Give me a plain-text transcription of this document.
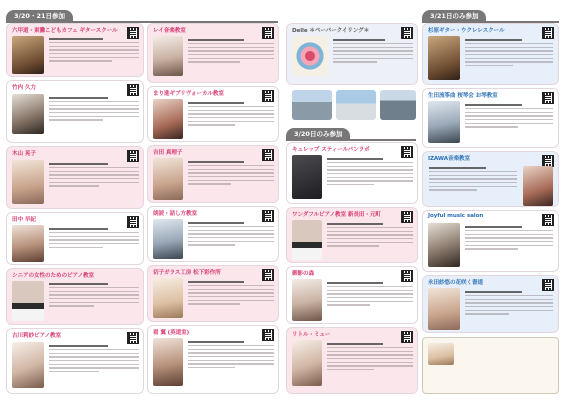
3/20・21日参加	3/21日のみ参加
3/20日のみ参加
六甲道・東灘こどもカフェ ギタースクール
竹内 久力
木山 晃子
田中 早紀
シニアの女性のためのピアノ教室
古川莉紗ピアノ教室
レイ音楽教室
まり進ギプリヴォーカル教室
吉田 真理子
朗読・話し方教室
切子ガラス工房 松下彩作所
看 翼 (英道室)
Delle ＊ペーパークイリング＊
キュレップ スティールパンラボ
ワンダフルピアノ教室 新長田・元町
御影の森
リトル・ミュー
杉原ギター・ウクレレスクール
生田流筝曲 桜琴会 お琴教室
IZAWA音楽教室
Joyful music salon
永田紗悠の花咲く書道
